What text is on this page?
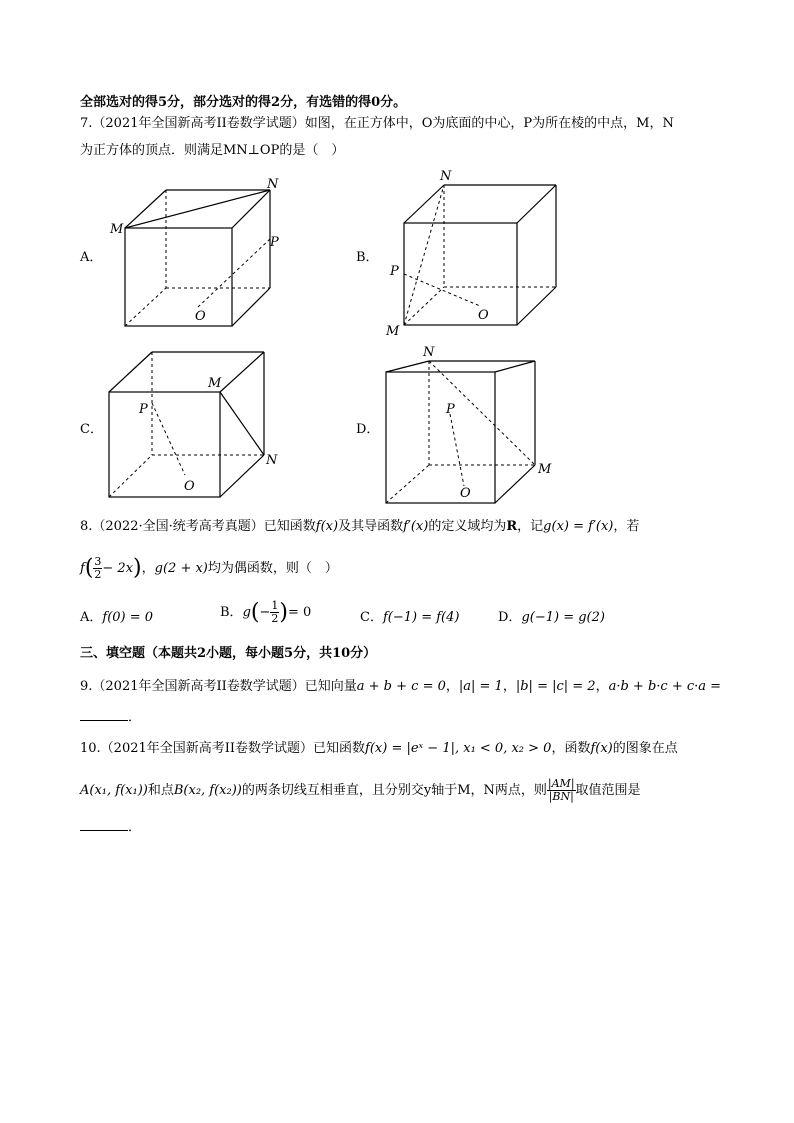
全部选对的得5分，部分选对的得2分，有选错的得0分。
7.（2021年全国新高考II卷数学试题）如图，在正方体中，O为底面的中心，P为所在棱的中点，M，N
为正方体的顶点．则满足MN⊥OP的是（　）
A．
M
N
P
O
B．
M
N
P
O
C．
M
N
P
O
D．
N
M
P
O
8.（2022·全国·统考高考真题）已知函数f(x)及其导函数f′(x)的定义域均为R，记g(x) = f′(x)，若
$f( \frac{3}{2} - 2x)$，g(2 + x)均为偶函数，则（　）
A．f(0) = 0	B．$g(- \frac{1}{2}$ )= 0	C．f(−1) = f(4)	D．g(−1) = g(2)
三、填空题（本题共2小题，每小题5分，共10分）
9.（2021年全国新高考II卷数学试题）已知向量a + b + c = 0，|a| = 1，|b| = |c| = 2，a·b + b·c + c·a =
．
10.（2021年全国新高考II卷数学试题）已知函数f(x) = |eˣ − 1|, x₁ < 0, x₂ > 0，函数f(x)的图象在点
A(x₁, f(x₁))和点B(x₂, f(x₂))的两条切线互相垂直，且分别交y轴于M，N两点，则 $\frac{|AM|}{|BN|}$ 取值范围是
．
